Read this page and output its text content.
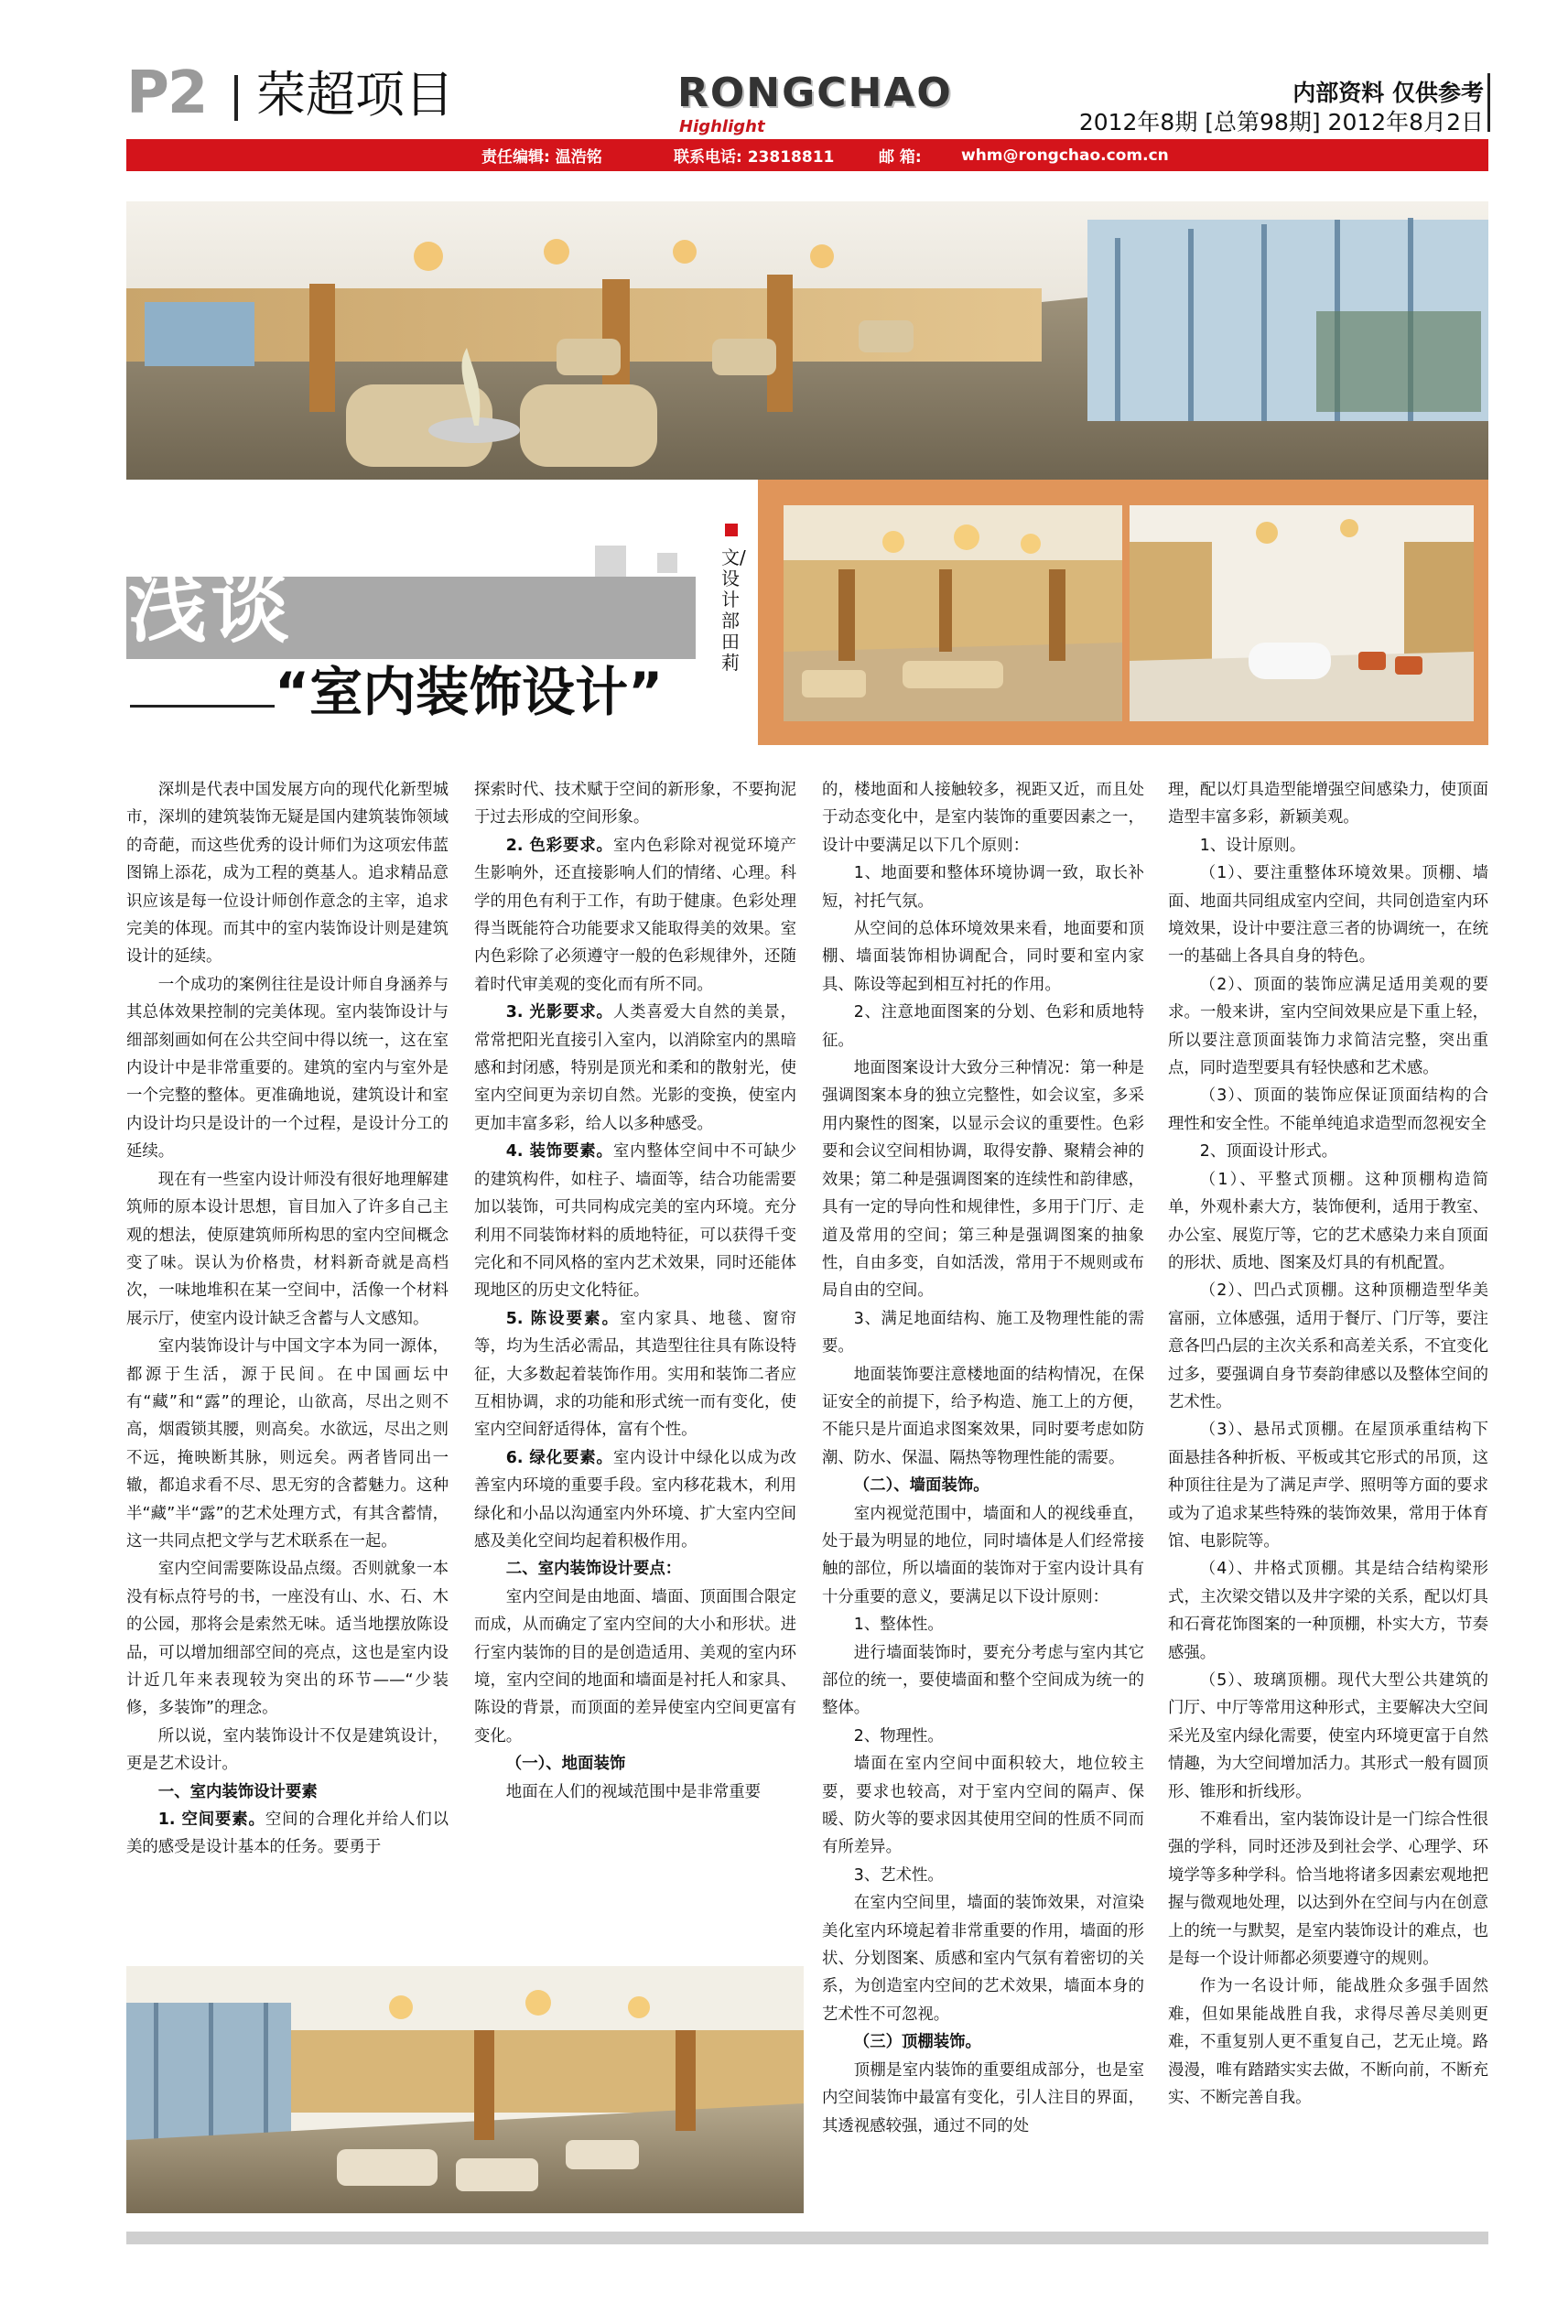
P2 荣超项目	RONGCHAO
Highlight
内部资料 仅供参考
2012年8期 [总第98期] 2012年8月2日
责任编辑: 温浩铭	联系电话: 23818811	邮 箱:	whm@rongchao.com.cn
浅谈
“室内装饰设计”
文/设计部 田莉

深圳是代表中国发展方向的现代化新型城市，深圳的建筑装饰无疑是国内建筑装饰领域的奇葩，而这些优秀的设计师们为这项宏伟蓝图锦上添花，成为工程的奠基人。追求精品意识应该是每一位设计师创作意念的主宰，追求完美的体现。而其中的室内装饰设计则是建筑设计的延续。

一个成功的案例往往是设计师自身涵养与其总体效果控制的完美体现。室内装饰设计与细部刻画如何在公共空间中得以统一，这在室内设计中是非常重要的。建筑的室内与室外是一个完整的整体。更准确地说，建筑设计和室内设计均只是设计的一个过程，是设计分工的延续。

现在有一些室内设计师没有很好地理解建筑师的原本设计思想，盲目加入了许多自己主观的想法，使原建筑师所构思的室内空间概念变了味。误认为价格贵，材料新奇就是高档次，一味地堆积在某一空间中，活像一个材料展示厅，使室内设计缺乏含蓄与人文感知。

室内装饰设计与中国文字本为同一源体，都源于生活，源于民间。在中国画坛中有“藏”和“露”的理论，山欲高，尽出之则不高，烟霞锁其腰，则高矣。水欲远，尽出之则不远，掩映断其脉，则远矣。两者皆同出一辙，都追求看不尽、思无穷的含蓄魅力。这种半“藏”半“露”的艺术处理方式，有其含蓄情，这一共同点把文学与艺术联系在一起。

室内空间需要陈设品点缀。否则就象一本没有标点符号的书，一座没有山、水、石、木的公园，那将会是索然无味。适当地摆放陈设品，可以增加细部空间的亮点，这也是室内设计近几年来表现较为突出的环节——“少装修，多装饰”的理念。

所以说，室内装饰设计不仅是建筑设计，更是艺术设计。

一、室内装饰设计要素

1. 空间要素。空间的合理化并给人们以美的感受是设计基本的任务。要勇于

探索时代、技术赋于空间的新形象，不要拘泥于过去形成的空间形象。

2. 色彩要求。室内色彩除对视觉环境产生影响外，还直接影响人们的情绪、心理。科学的用色有利于工作，有助于健康。色彩处理得当既能符合功能要求又能取得美的效果。室内色彩除了必须遵守一般的色彩规律外，还随着时代审美观的变化而有所不同。

3. 光影要求。人类喜爱大自然的美景，常常把阳光直接引入室内，以消除室内的黑暗感和封闭感，特别是顶光和柔和的散射光，使室内空间更为亲切自然。光影的变换，使室内更加丰富多彩，给人以多种感受。

4. 装饰要素。室内整体空间中不可缺少的建筑构件，如柱子、墙面等，结合功能需要加以装饰，可共同构成完美的室内环境。充分利用不同装饰材料的质地特征，可以获得千变完化和不同风格的室内艺术效果，同时还能体现地区的历史文化特征。

5. 陈设要素。室内家具、地毯、窗帘等，均为生活必需品，其造型往往具有陈设特征，大多数起着装饰作用。实用和装饰二者应互相协调，求的功能和形式统一而有变化，使室内空间舒适得体，富有个性。

6. 绿化要素。室内设计中绿化以成为改善室内环境的重要手段。室内移花栽木，利用绿化和小品以沟通室内外环境、扩大室内空间感及美化空间均起着积极作用。

二、室内装饰设计要点：

室内空间是由地面、墙面、顶面围合限定而成，从而确定了室内空间的大小和形状。进行室内装饰的目的是创造适用、美观的室内环境，室内空间的地面和墙面是衬托人和家具、陈设的背景，而顶面的差异使室内空间更富有变化。

（一）、地面装饰

地面在人们的视域范围中是非常重要

的，楼地面和人接触较多，视距又近，而且处于动态变化中，是室内装饰的重要因素之一，设计中要满足以下几个原则：

1、地面要和整体环境协调一致，取长补短，衬托气氛。

从空间的总体环境效果来看，地面要和顶棚、墙面装饰相协调配合，同时要和室内家具、陈设等起到相互衬托的作用。

2、注意地面图案的分划、色彩和质地特征。

地面图案设计大致分三种情况：第一种是强调图案本身的独立完整性，如会议室，多采用内聚性的图案，以显示会议的重要性。色彩要和会议空间相协调，取得安静、聚精会神的效果；第二种是强调图案的连续性和韵律感，具有一定的导向性和规律性，多用于门厅、走道及常用的空间；第三种是强调图案的抽象性，自由多变，自如活泼，常用于不规则或布局自由的空间。

3、满足地面结构、施工及物理性能的需要。

地面装饰要注意楼地面的结构情况，在保证安全的前提下，给予构造、施工上的方便，不能只是片面追求图案效果，同时要考虑如防潮、防水、保温、隔热等物理性能的需要。

（二）、墙面装饰。

室内视觉范围中，墙面和人的视线垂直，处于最为明显的地位，同时墙体是人们经常接触的部位，所以墙面的装饰对于室内设计具有十分重要的意义，要满足以下设计原则：

1、整体性。

进行墙面装饰时，要充分考虑与室内其它部位的统一，要使墙面和整个空间成为统一的整体。

2、物理性。

墙面在室内空间中面积较大，地位较主要，要求也较高，对于室内空间的隔声、保暖、防火等的要求因其使用空间的性质不同而有所差异。

3、艺术性。

在室内空间里，墙面的装饰效果，对渲染美化室内环境起着非常重要的作用，墙面的形状、分划图案、质感和室内气氛有着密切的关系，为创造室内空间的艺术效果，墙面本身的艺术性不可忽视。

（三）顶棚装饰。

顶棚是室内装饰的重要组成部分，也是室内空间装饰中最富有变化，引人注目的界面，其透视感较强，通过不同的处

理，配以灯具造型能增强空间感染力，使顶面造型丰富多彩，新颖美观。

1、设计原则。

（1）、要注重整体环境效果。顶棚、墙面、地面共同组成室内空间，共同创造室内环境效果，设计中要注意三者的协调统一，在统一的基础上各具自身的特色。

（2）、顶面的装饰应满足适用美观的要求。一般来讲，室内空间效果应是下重上轻，所以要注意顶面装饰力求简洁完整，突出重点，同时造型要具有轻快感和艺术感。

（3）、顶面的装饰应保证顶面结构的合理性和安全性。不能单纯追求造型而忽视安全

2、顶面设计形式。

（1）、平整式顶棚。这种顶棚构造简单，外观朴素大方，装饰便利，适用于教室、办公室、展览厅等，它的艺术感染力来自顶面的形状、质地、图案及灯具的有机配置。

（2）、凹凸式顶棚。这种顶棚造型华美富丽，立体感强，适用于餐厅、门厅等，要注意各凹凸层的主次关系和高差关系，不宜变化过多，要强调自身节奏韵律感以及整体空间的艺术性。

（3）、悬吊式顶棚。在屋顶承重结构下面悬挂各种折板、平板或其它形式的吊顶，这种顶往往是为了满足声学、照明等方面的要求或为了追求某些特殊的装饰效果，常用于体育馆、电影院等。

（4）、井格式顶棚。其是结合结构梁形式，主次梁交错以及井字梁的关系，配以灯具和石膏花饰图案的一种顶棚，朴实大方，节奏感强。

（5）、玻璃顶棚。现代大型公共建筑的门厅、中厅等常用这种形式，主要解决大空间采光及室内绿化需要，使室内环境更富于自然情趣，为大空间增加活力。其形式一般有圆顶形、锥形和折线形。

不难看出，室内装饰设计是一门综合性很强的学科，同时还涉及到社会学、心理学、环境学等多种学科。恰当地将诸多因素宏观地把握与微观地处理，以达到外在空间与内在创意上的统一与默契，是室内装饰设计的难点，也是每一个设计师都必须要遵守的规则。

作为一名设计师，能战胜众多强手固然难，但如果能战胜自我，求得尽善尽美则更难，不重复别人更不重复自己，艺无止境。路漫漫，唯有踏踏实实去做，不断向前，不断充实、不断完善自我。
